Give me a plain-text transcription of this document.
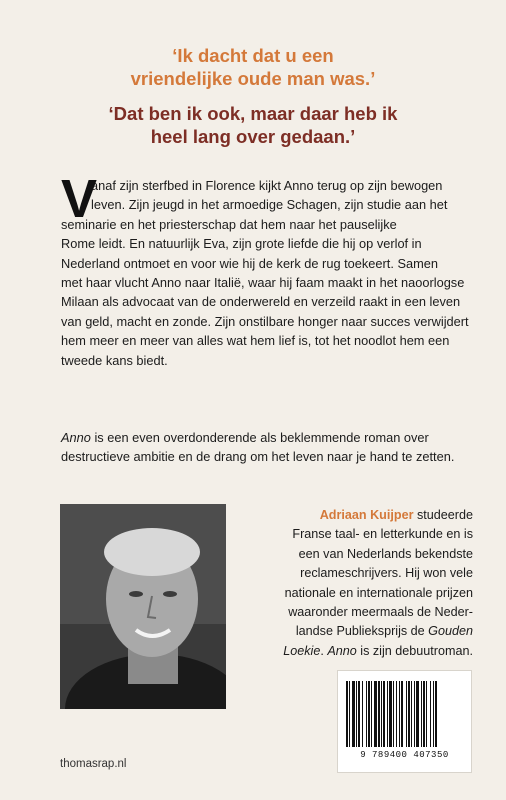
‘Ik dacht dat u een
vriendelijke oude man was.’

‘Dat ben ik ook, maar daar heb ik
heel lang over gedaan.’

V
anaf zijn sterfbed in Florence kijkt Anno terug op zijn bewogen
leven. Zijn jeugd in het armoedige Schagen, zijn studie aan het
seminarie en het priesterschap dat hem naar het pauselijke
Rome leidt. En natuurlijk Eva, zijn grote liefde die hij op verlof in
Nederland ontmoet en voor wie hij de kerk de rug toekeert. Samen
met haar vlucht Anno naar Italië, waar hij faam maakt in het naoorlogse
Milaan als advocaat van de onderwereld en verzeild raakt in een leven
van geld, macht en zonde. Zijn onstilbare honger naar succes verwijdert
hem meer en meer van alles wat hem lief is, tot het noodlot hem een
tweede kans biedt.
Anno is een even overdonderende als beklemmende roman over
destructieve ambitie en de drang om het leven naar je hand te zetten.
Adriaan Kuijper studeerde
Franse taal- en letterkunde en is
een van Nederlands bekendste
reclameschrijvers. Hij won vele
nationale en internationale prijzen
waaronder meermaals de Neder-
landse Publieksprijs de Gouden
Loekie. Anno is zijn debuutroman.
9 789400 407350
thomasrap.nl
